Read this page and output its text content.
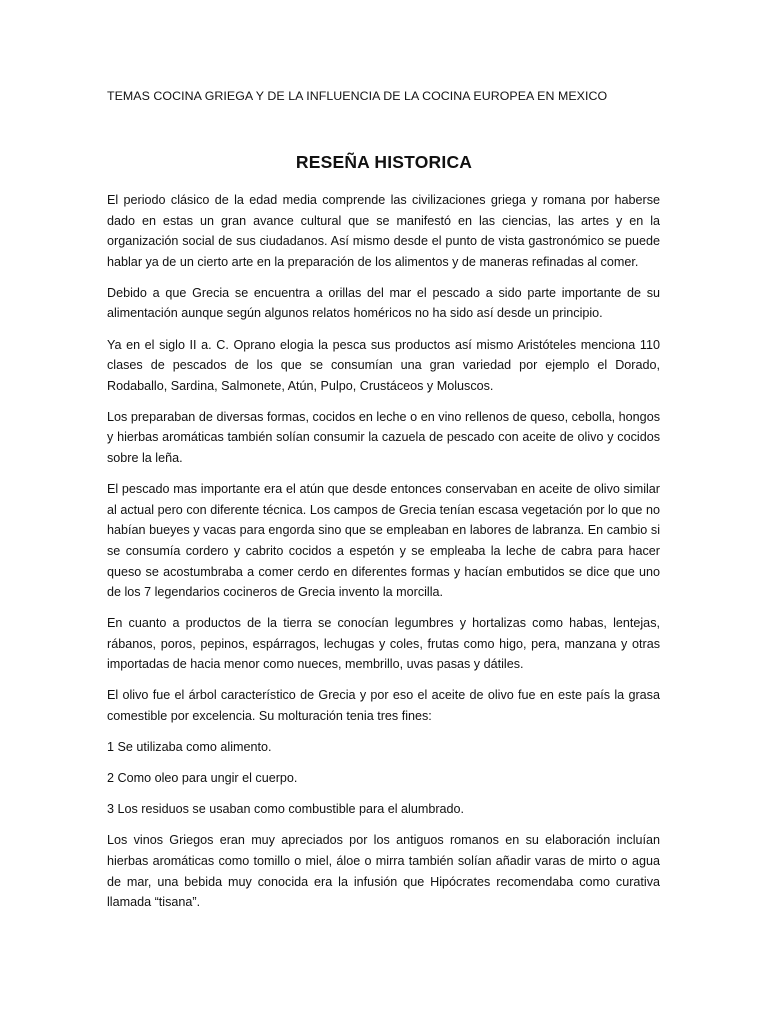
TEMAS COCINA GRIEGA Y DE LA INFLUENCIA DE LA COCINA EUROPEA EN MEXICO
RESEÑA HISTORICA

El periodo clásico de la edad media comprende las civilizaciones griega y romana por haberse dado en estas un gran avance cultural que se manifestó en las ciencias, las artes y en la organización social de sus ciudadanos. Así mismo desde el punto de vista gastronómico se puede hablar ya de un cierto arte en la preparación de los alimentos y de maneras refinadas al comer.

Debido a que Grecia se encuentra a orillas del mar el pescado a sido parte importante de su alimentación aunque según algunos relatos homéricos no ha sido así desde un principio.

Ya en el siglo II a. C. Oprano elogia la pesca sus productos así mismo Aristóteles menciona 110 clases de pescados de los que se consumían una gran variedad por ejemplo el Dorado, Rodaballo, Sardina, Salmonete, Atún, Pulpo, Crustáceos y Moluscos.

Los preparaban de diversas formas, cocidos en leche o en vino rellenos de queso, cebolla, hongos y hierbas aromáticas también solían consumir la cazuela de pescado con aceite de olivo y cocidos sobre la leña.

El pescado mas importante era el atún que desde entonces conservaban en aceite de olivo similar al actual pero con diferente técnica. Los campos de Grecia tenían escasa vegetación por lo que no habían bueyes y vacas para engorda sino que se empleaban en labores de labranza. En cambio si se consumía cordero y cabrito cocidos a espetón y se empleaba la leche de cabra para hacer queso se acostumbraba a comer cerdo en diferentes formas y hacían embutidos se dice que uno de los 7 legendarios cocineros de Grecia invento la morcilla.

En cuanto a productos de la tierra se conocían legumbres y hortalizas como habas, lentejas, rábanos, poros, pepinos, espárragos, lechugas y coles, frutas como higo, pera, manzana y otras importadas de hacia menor como nueces, membrillo, uvas pasas y dátiles.

El olivo fue el árbol característico de Grecia y por eso el aceite de olivo fue en este país la grasa comestible por excelencia. Su molturación tenia tres fines:

1 Se utilizaba como alimento.

2 Como oleo para ungir el cuerpo.

3 Los residuos se usaban como combustible para el alumbrado.

Los vinos Griegos eran muy apreciados por los antiguos romanos en su elaboración incluían hierbas aromáticas como tomillo o miel, áloe o mirra también solían añadir varas de mirto o agua de mar, una bebida muy conocida era la infusión que Hipócrates recomendaba como curativa llamada “tisana”.
